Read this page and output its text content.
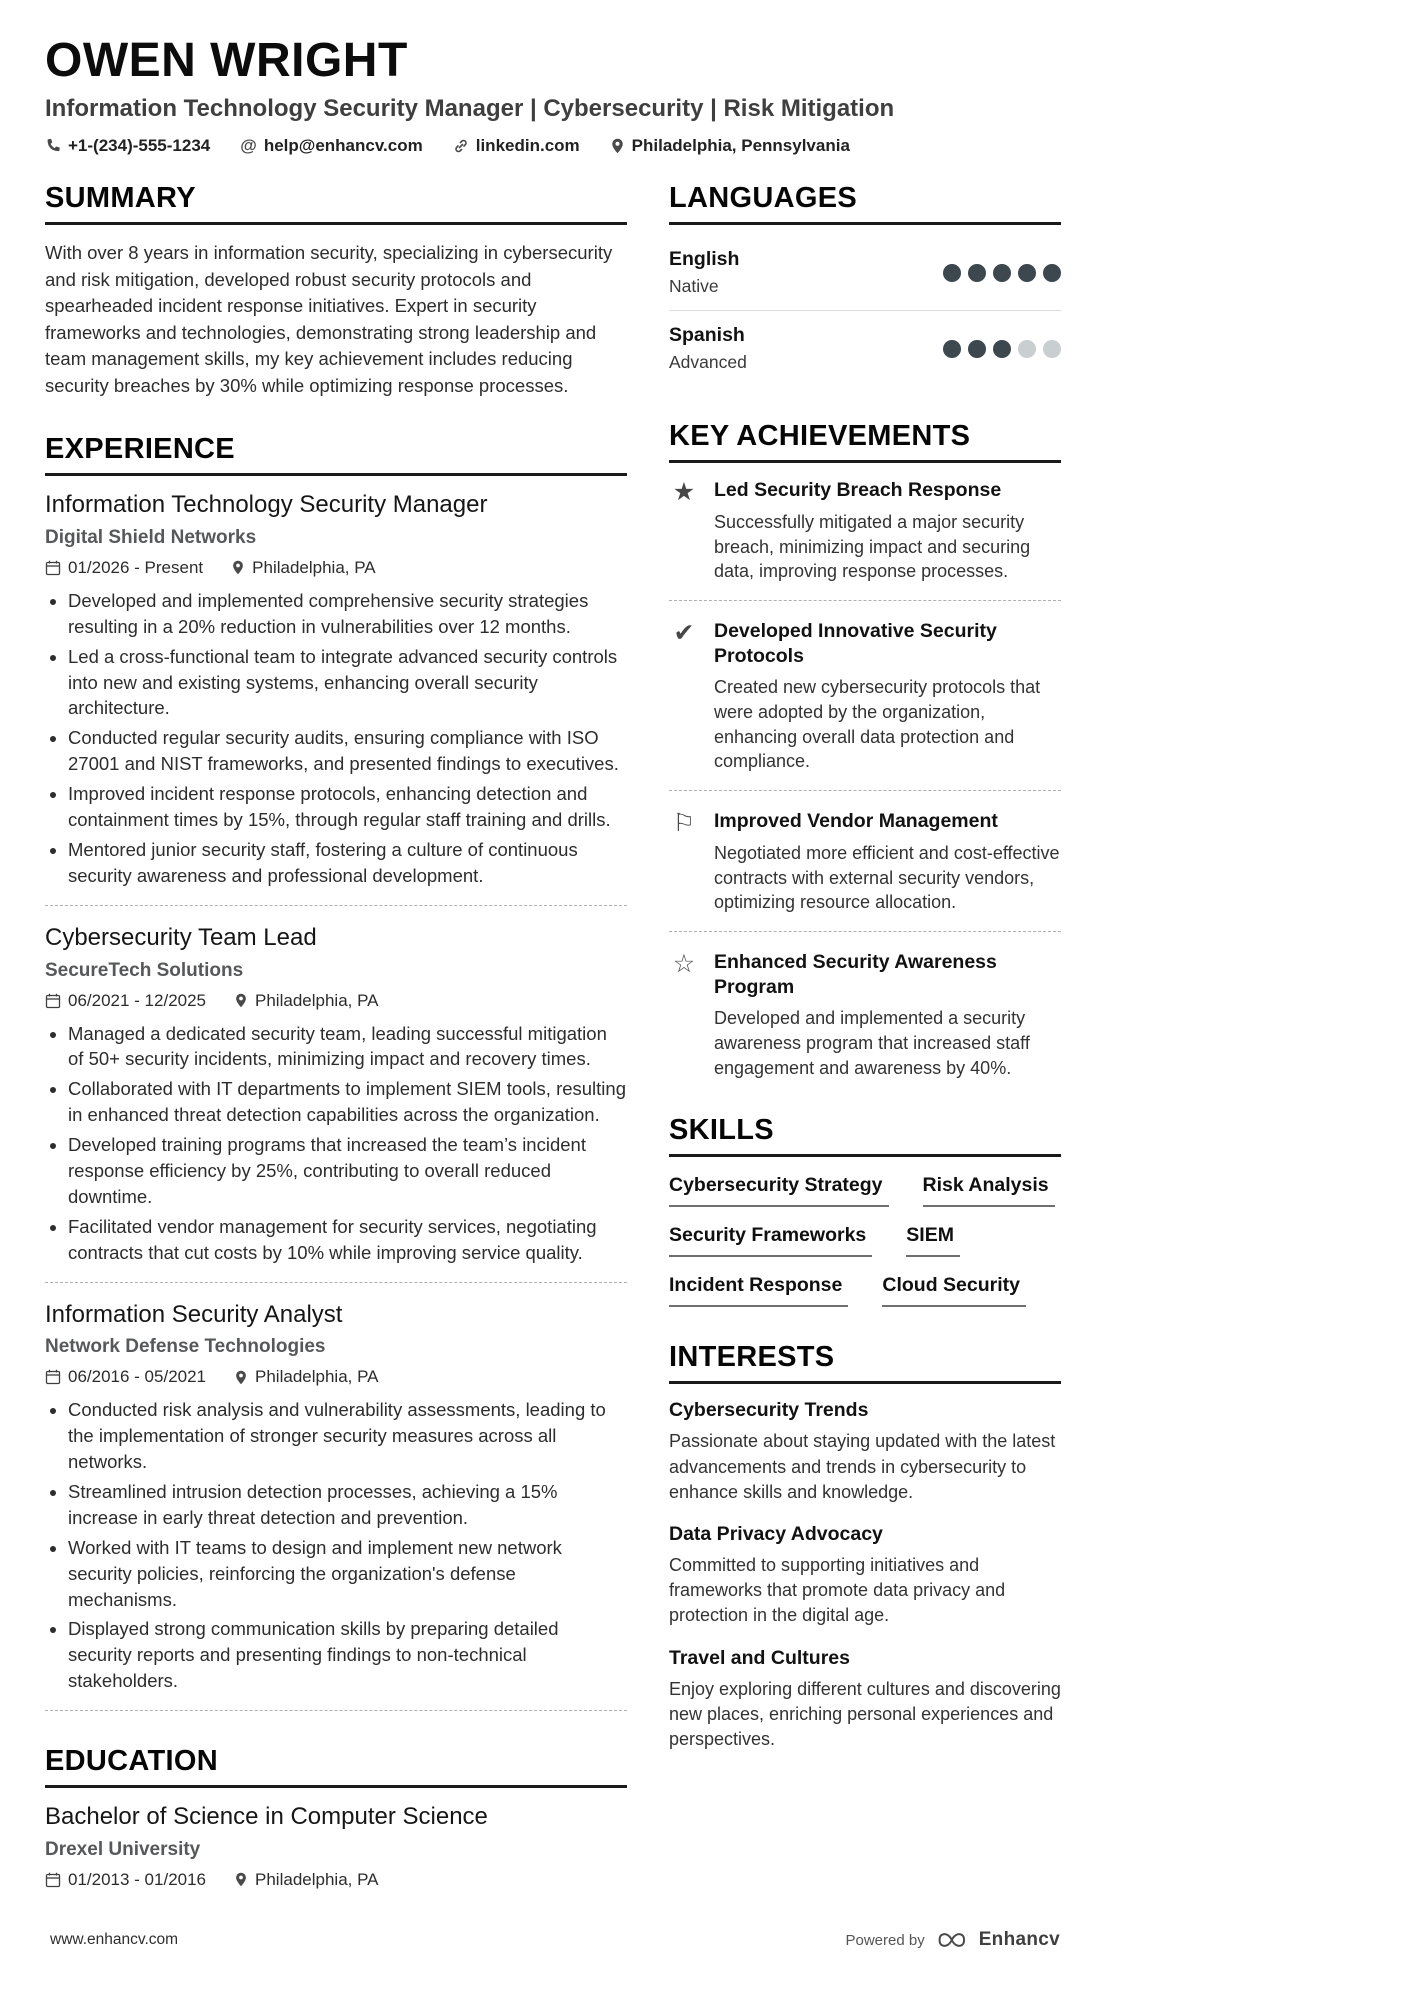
OWEN WRIGHT
Information Technology Security Manager | Cybersecurity | Risk Mitigation
+1-(234)-555-1234 @ help@enhancv.com	linkedin.com	Philadelphia, Pennsylvania
SUMMARY

With over 8 years in information security, specializing in cybersecurity and risk mitigation, developed robust security protocols and spearheaded incident response initiatives. Expert in security frameworks and technologies, demonstrating strong leadership and team management skills, my key achievement includes reducing security breaches by 30% while optimizing response processes.

EXPERIENCE
Information Technology Security Manager
Digital Shield Networks
01/2026 - Present	Philadelphia, PA
• Developed and implemented comprehensive security strategies resulting in a 20% reduction in vulnerabilities over 12 months.
• Led a cross-functional team to integrate advanced security controls into new and existing systems, enhancing overall security architecture.
• Conducted regular security audits, ensuring compliance with ISO 27001 and NIST frameworks, and presented findings to executives.
• Improved incident response protocols, enhancing detection and containment times by 15%, through regular staff training and drills.
• Mentored junior security staff, fostering a culture of continuous security awareness and professional development.
Cybersecurity Team Lead
SecureTech Solutions
06/2021 - 12/2025	Philadelphia, PA
• Managed a dedicated security team, leading successful mitigation of 50+ security incidents, minimizing impact and recovery times.
• Collaborated with IT departments to implement SIEM tools, resulting in enhanced threat detection capabilities across the organization.
• Developed training programs that increased the team’s incident response efficiency by 25%, contributing to overall reduced downtime.
• Facilitated vendor management for security services, negotiating contracts that cut costs by 10% while improving service quality.
Information Security Analyst
Network Defense Technologies
06/2016 - 05/2021	Philadelphia, PA
• Conducted risk analysis and vulnerability assessments, leading to the implementation of stronger security measures across all networks.
• Streamlined intrusion detection processes, achieving a 15% increase in early threat detection and prevention.
• Worked with IT teams to design and implement new network security policies, reinforcing the organization's defense mechanisms.
• Displayed strong communication skills by preparing detailed security reports and presenting findings to non-technical stakeholders.
EDUCATION
Bachelor of Science in Computer Science
Drexel University
01/2013 - 01/2016	Philadelphia, PA
LANGUAGES
English
Native
Spanish
Advanced
KEY ACHIEVEMENTS
★ Led Security Breach Response

Successfully mitigated a major security breach, minimizing impact and securing data, improving response processes.

✔ Developed Innovative Security Protocols

Created new cybersecurity protocols that were adopted by the organization, enhancing overall data protection and compliance.

⚐ Improved Vendor Management

Negotiated more efficient and cost-effective contracts with external security vendors, optimizing resource allocation.

☆ Enhanced Security Awareness Program

Developed and implemented a security awareness program that increased staff engagement and awareness by 40%.

SKILLS
Cybersecurity Strategy	Risk Analysis
Security Frameworks	SIEM
Incident Response	Cloud Security
INTERESTS
Cybersecurity Trends

Passionate about staying updated with the latest advancements and trends in cybersecurity to enhance skills and knowledge.

Data Privacy Advocacy

Committed to supporting initiatives and frameworks that promote data privacy and protection in the digital age.

Travel and Cultures

Enjoy exploring different cultures and discovering new places, enriching personal experiences and perspectives.

www.enhancv.com	Powered by	Enhancv
